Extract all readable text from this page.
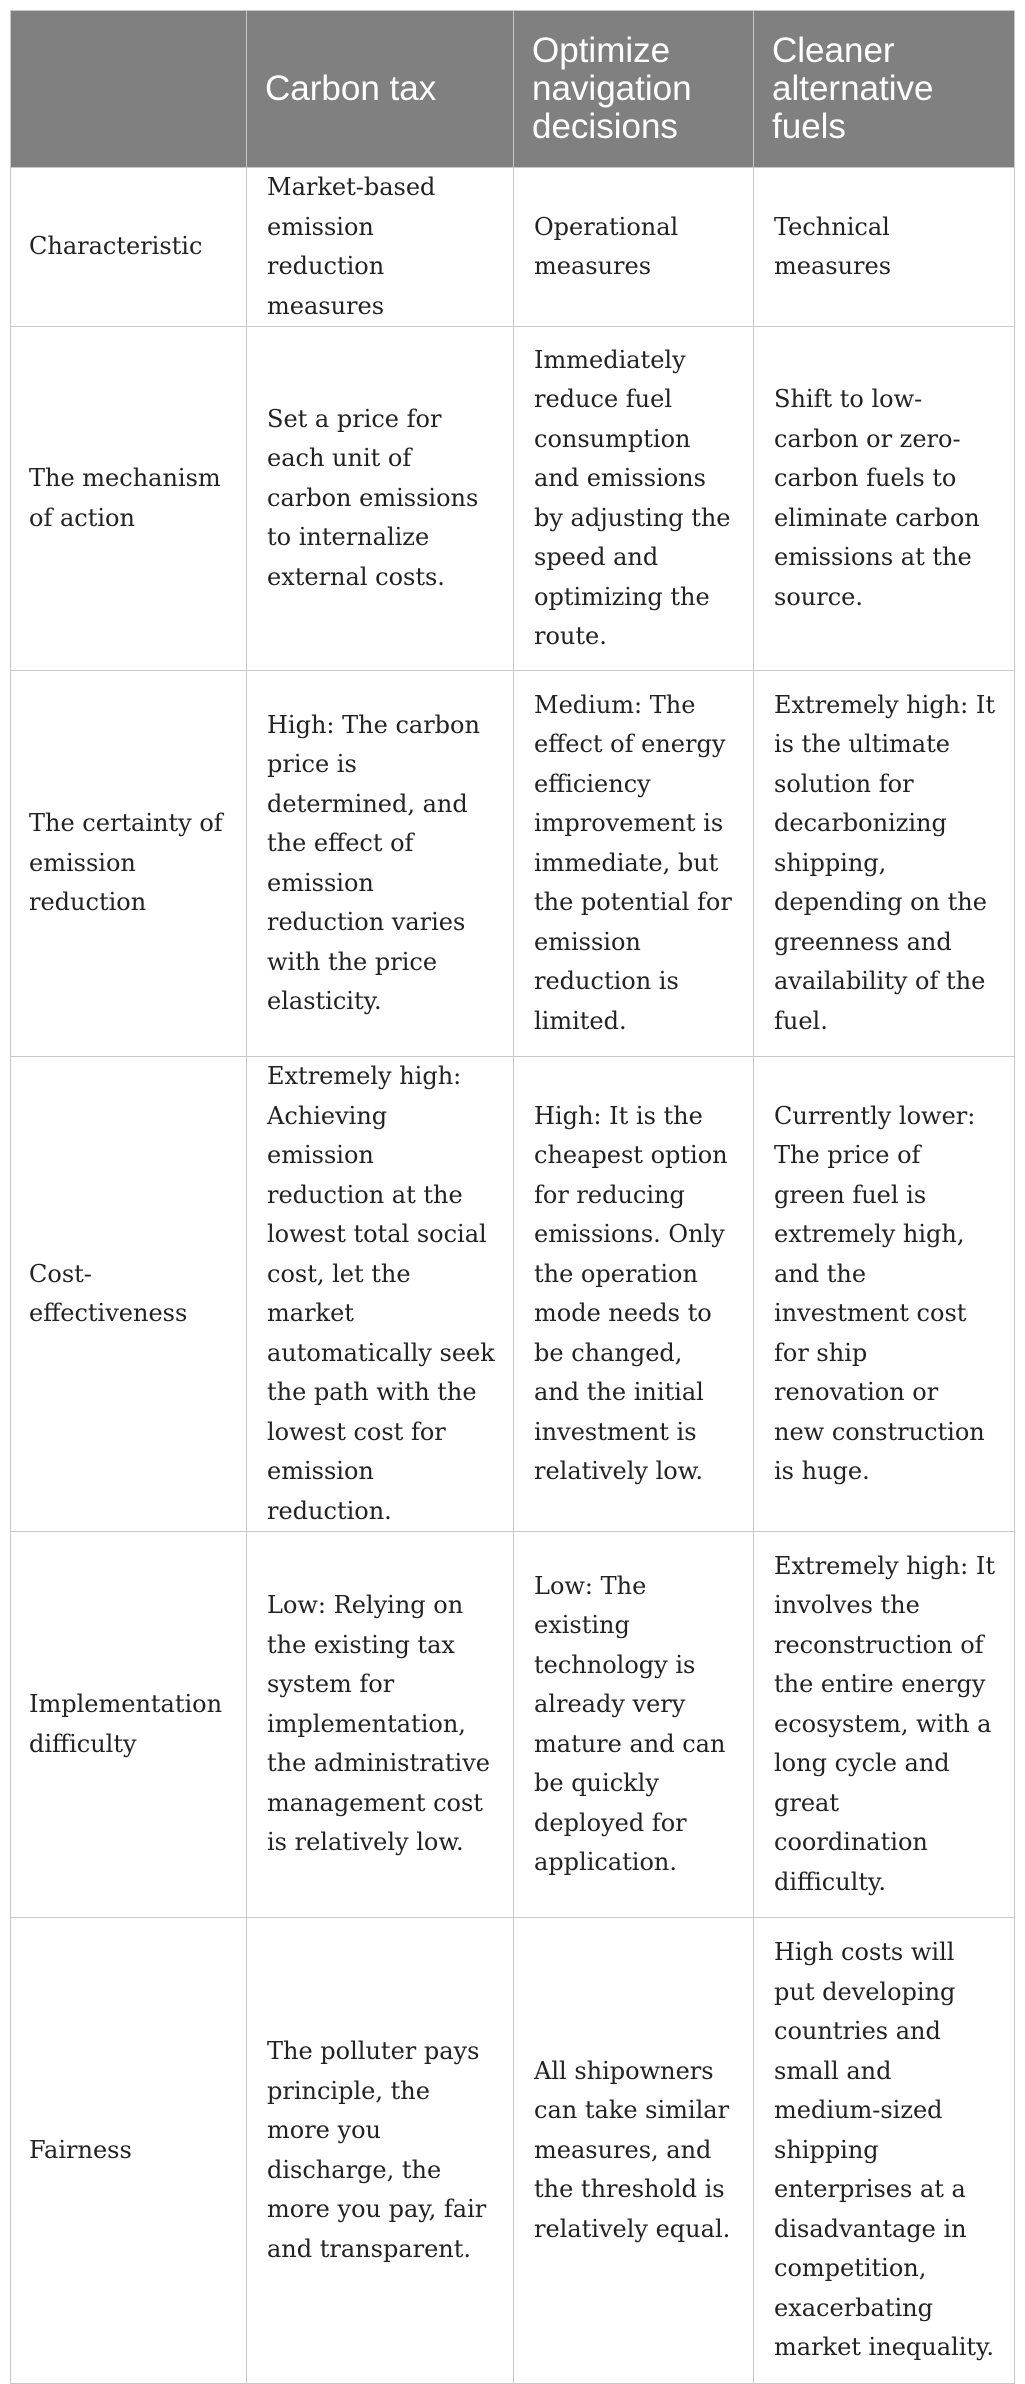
	Carbon tax	Optimize navigation decisions	Cleaner alternative fuels
Characteristic	Market-based emission reduction measures	Operational measures	Technical measures
The mechanism of action	Set a price for each unit of carbon emissions to internalize external costs.	Immediately reduce fuel consumption and emissions by adjusting the speed and optimizing the route.	Shift to low-carbon or zero-carbon fuels to eliminate carbon emissions at the source.
The certainty of emission reduction	High: The carbon price is determined, and the effect of emission reduction varies with the price elasticity.	Medium: The effect of energy efficiency improvement is immediate, but the potential for emission reduction is limited.	Extremely high: It is the ultimate solution for decarbonizing shipping, depending on the greenness and availability of the fuel.
Cost-effectiveness	Extremely high: Achieving emission reduction at the lowest total social cost, let the market automatically seek the path with the lowest cost for emission reduction.	High: It is the cheapest option for reducing emissions. Only the operation mode needs to be changed, and the initial investment is relatively low.	Currently lower: The price of green fuel is extremely high, and the investment cost for ship renovation or new construction is huge.
Implementation difficulty	Low: Relying on the existing tax system for implementation, the administrative management cost is relatively low.	Low: The existing technology is already very mature and can be quickly deployed for application.	Extremely high: It involves the reconstruction of the entire energy ecosystem, with a long cycle and great coordination difficulty.
Fairness	The polluter pays principle, the more you discharge, the more you pay, fair and transparent.	All shipowners can take similar measures, and the threshold is relatively equal.	High costs will put developing countries and small and medium-sized shipping enterprises at a disadvantage in competition, exacerbating market inequality.
